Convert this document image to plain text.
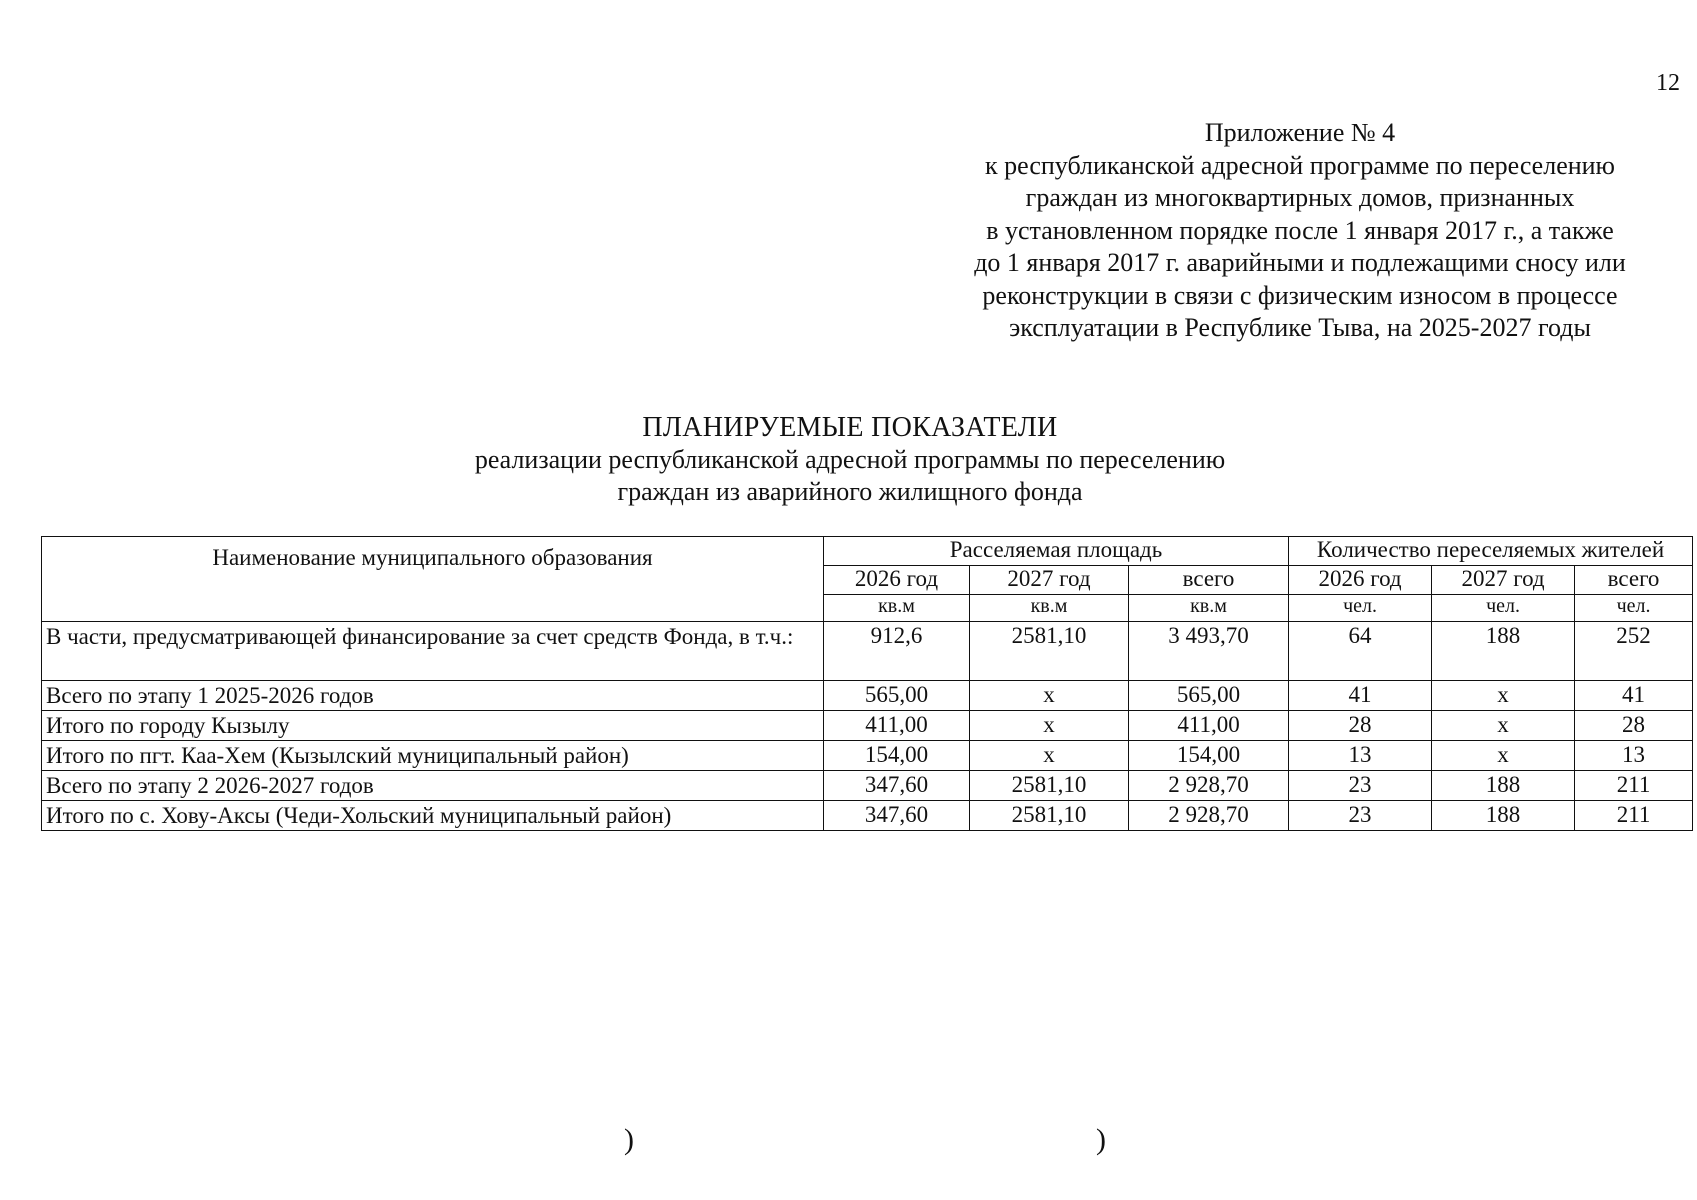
12
Приложение № 4
к республиканской адресной программе по переселению
граждан из многоквартирных домов, признанных
в установленном порядке после 1 января 2017 г., а также
до 1 января 2017 г. аварийными и подлежащими сносу или
реконструкции в связи с физическим износом в процессе
эксплуатации в Республике Тыва, на 2025-2027 годы
ПЛАНИРУЕМЫЕ ПОКАЗАТЕЛИ
реализации республиканской адресной программы по переселению
граждан из аварийного жилищного фонда
Наименование муниципального образования	Расселяемая площадь			Количество переселяемых жителей		
	2026 год	2027 год	всего	2026 год	2027 год	всего
	кв.м	кв.м	кв.м	чел.	чел.	чел.
В части, предусматривающей финансирование за счет средств Фонда, в т.ч.:	912,6	2581,10	3 493,70	64	188	252
Всего по этапу 1 2025-2026 годов	565,00	х	565,00	41	х	41
Итого по городу Кызылу	411,00	х	411,00	28	х	28
Итого по пгт. Каа-Хем (Кызылский муниципальный район)	154,00	х	154,00	13	х	13
Всего по этапу 2 2026-2027 годов	347,60	2581,10	2 928,70	23	188	211
Итого по с. Хову-Аксы (Чеди-Хольский муниципальный район)	347,60	2581,10	2 928,70	23	188	211
)	)
